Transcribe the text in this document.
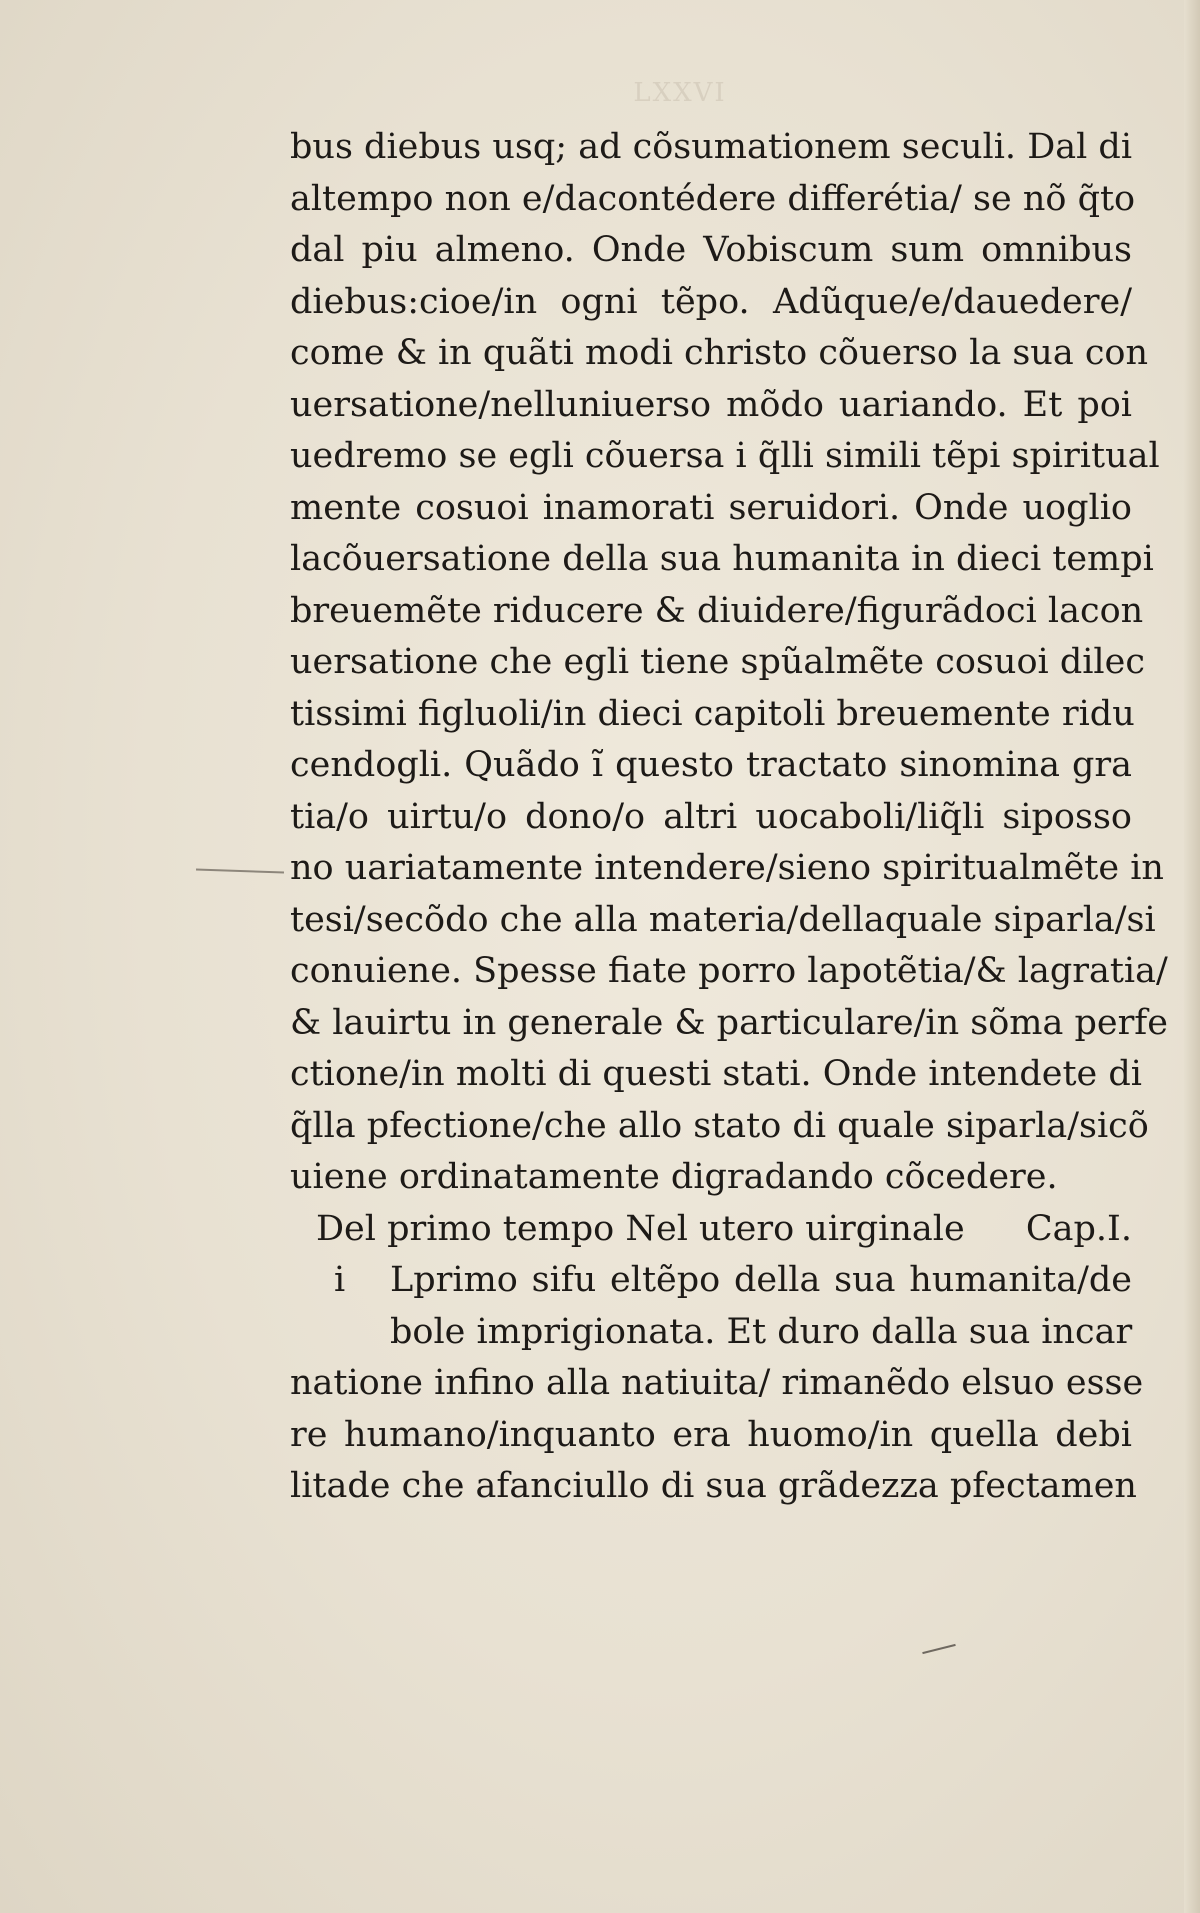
LXXVI
bus diebus usq; ad cõsumationem seculi. Dal di
altempo non e/dacontédere differétia/ se nõ q̃to
dal piu almeno. Onde Vobiscum sum omnibus
diebus:cioe/in ogni tẽpo. Adũque/e/dauedere/
come & in quãti modi christo cõuerso la sua con
uersatione/nelluniuerso mõdo uariando. Et poi
uedremo se egli cõuersa i q̃lli simili tẽpi spiritual
mente cosuoi inamorati seruidori. Onde uoglio
lacõuersatione della sua humanita in dieci tempi
breuemẽte riducere & diuidere/figurãdoci lacon
uersatione che egli tiene spũalmẽte cosuoi dilec
tissimi figluoli/in dieci capitoli breuemente ridu
cendogli. Quãdo ĩ questo tractato sinomina gra
tia/o uirtu/o dono/o altri uocaboli/liq̃li siposso
no uariatamente intendere/sieno spiritualmẽte in
tesi/secõdo che alla materia/dellaquale siparla/si
conuiene. Spesse fiate porro lapotẽtia/& lagratia/
& lauirtu in generale & particulare/in sõma perfe
ctione/in molti di questi stati. Onde intendete di
q̃lla pfectione/che allo stato di quale siparla/sicõ
uiene ordinatamente digradando cõcedere.
Del primo tempo Nel utero uirginale Cap.I.
i Lprimo sifu eltẽpo della sua humanita/de
bole imprigionata. Et duro dalla sua incar
natione infino alla natiuita/ rimanẽdo elsuo esse
re humano/inquanto era huomo/in quella debi
litade che afanciullo di sua grãdezza pfectamen
